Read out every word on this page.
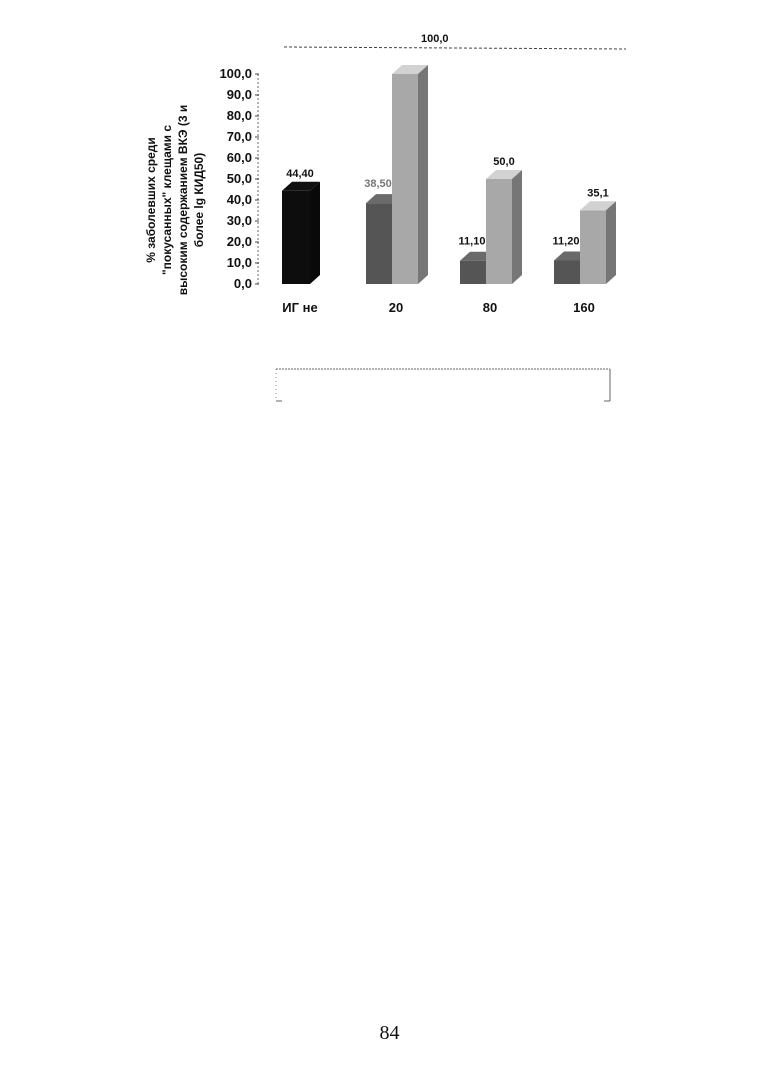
100,0
% заболевших среди "покусанных" клещами с высоким содержанием ВКЭ (3 и более lg КИД50)
0,0
10,0
20,0
30,0
40,0
50,0
60,0
70,0
80,0
90,0
100,0
44,40
38,50
11,10
50,0
11,20
35,1
ИГ не	20	80	160
84
